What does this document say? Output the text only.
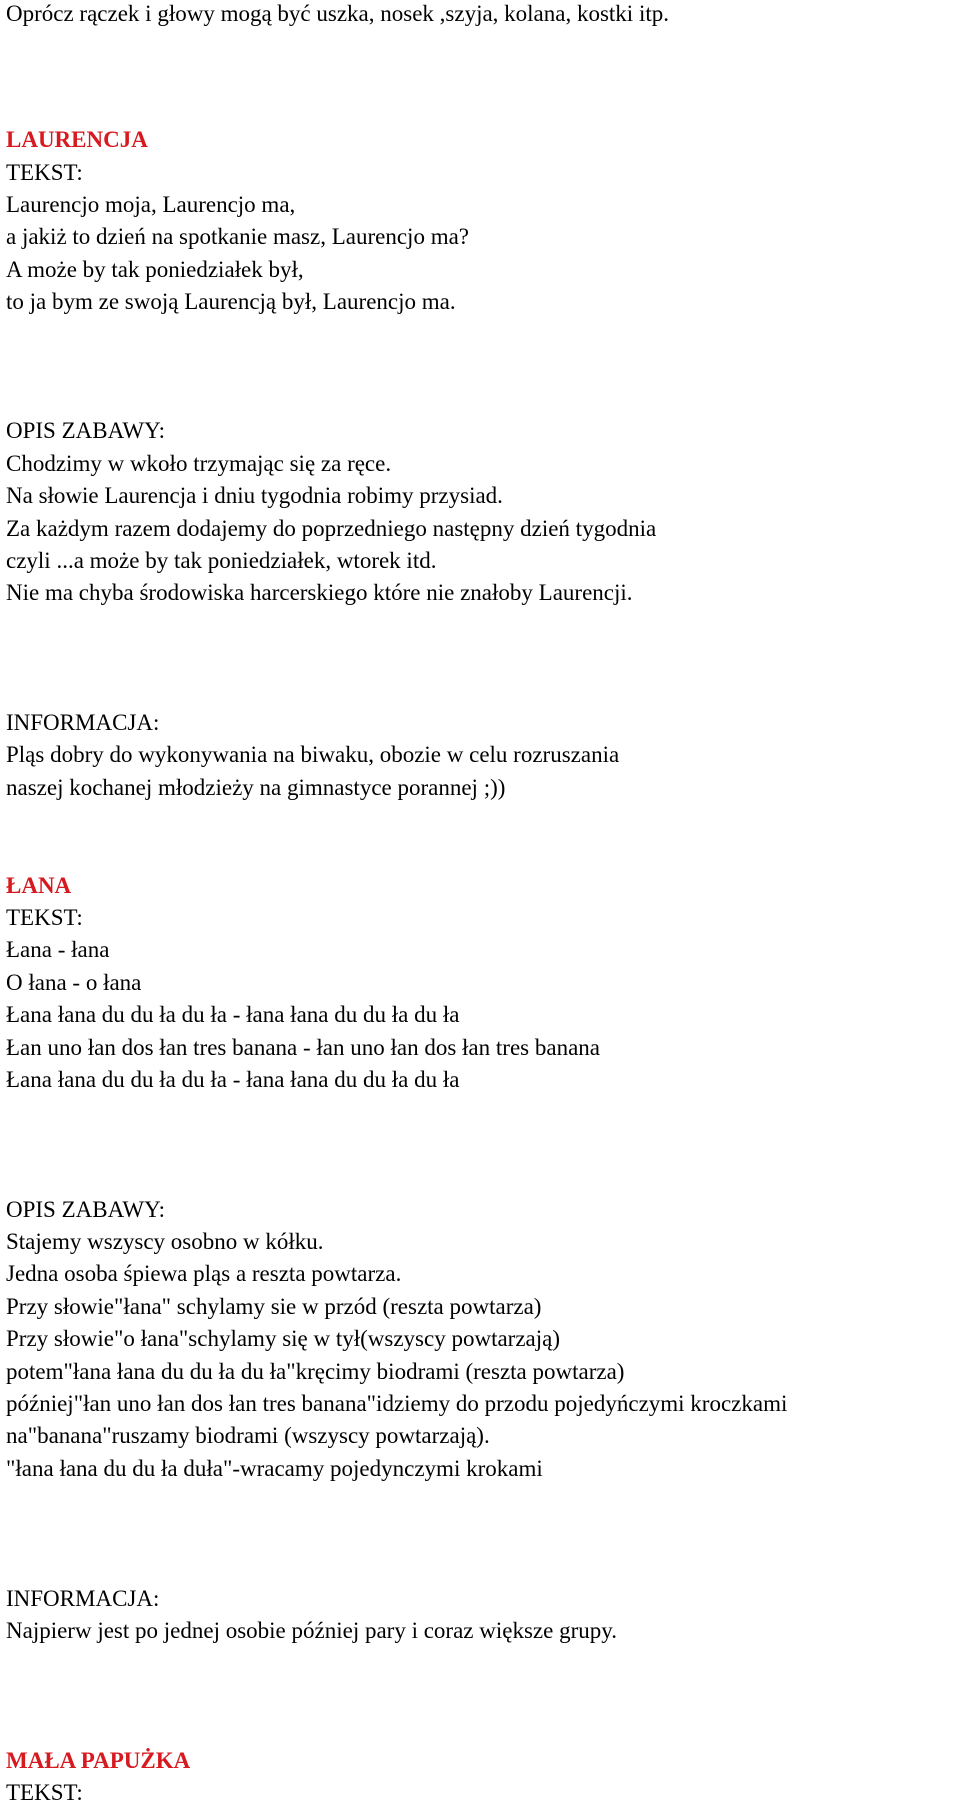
Oprócz rączek i głowy mogą być uszka, nosek ,szyja, kolana, kostki itp.

LAURENCJA

TEKST:

Laurencjo moja, Laurencjo ma,

a jakiż to dzień na spotkanie masz, Laurencjo ma?

A może by tak poniedziałek był,

to ja bym ze swoją Laurencją był, Laurencjo ma.

OPIS ZABAWY:

Chodzimy w wkoło trzymając się za ręce.

Na słowie Laurencja i dniu tygodnia robimy przysiad.

Za każdym razem dodajemy do poprzedniego następny dzień tygodnia

czyli ...a może by tak poniedziałek, wtorek itd.

Nie ma chyba środowiska harcerskiego które nie znałoby Laurencji.

INFORMACJA:

Pląs dobry do wykonywania na biwaku, obozie w celu rozruszania

naszej kochanej młodzieży na gimnastyce porannej ;))

ŁANA

TEKST:

Łana - łana

O łana - o łana

Łana łana du du ła du ła - łana łana du du ła du ła

Łan uno łan dos łan tres banana - łan uno łan dos łan tres banana

Łana łana du du ła du ła - łana łana du du ła du ła

OPIS ZABAWY:

Stajemy wszyscy osobno w kółku.

Jedna osoba śpiewa pląs a reszta powtarza.

Przy słowie"łana" schylamy sie w przód (reszta powtarza)

Przy słowie"o łana"schylamy się w tył(wszyscy powtarzają)

potem"łana łana du du ła du ła"kręcimy biodrami (reszta powtarza)

później"łan uno łan dos łan tres banana"idziemy do przodu pojedyńczymi kroczkami

na"banana"ruszamy biodrami (wszyscy powtarzają).

"łana łana du du ła duła"-wracamy pojedynczymi krokami

INFORMACJA:

Najpierw jest po jednej osobie później pary i coraz większe grupy.

MAŁA PAPUŻKA

TEKST:
